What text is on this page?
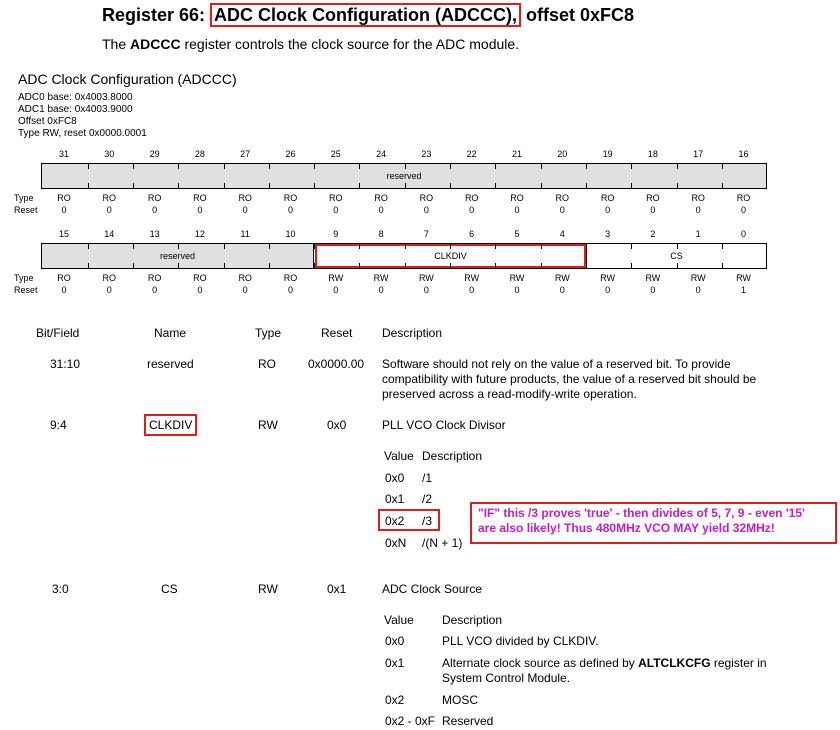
Register 66: ADC Clock Configuration (ADCCC), offset 0xFC8
The ADCCC register controls the clock source for the ADC module.
ADC Clock Configuration (ADCCC)
ADC0 base: 0x4003.8000
ADC1 base: 0x4003.9000
Offset 0xFC8
Type RW, reset 0x0000.0001
31	30	29	28	27	26	25	24	23	22	21	20	19	18	17	16
reserved
Type
Reset
RO	RO	RO	RO	RO	RO	RO	RO	RO	RO	RO	RO	RO	RO	RO	RO
0	0	0	0	0	0	0	0	0	0	0	0	0	0	0	0
15	14	13	12	11	10	9	8	7	6	5	4	3	2	1	0
reserved	CLKDIV	CS
Type
Reset
RO	RO	RO	RO	RO	RO	RW	RW	RW	RW	RW	RW	RW	RW	RW	RW
0	0	0	0	0	0	0	0	0	0	0	0	0	0	0	1
Bit/Field	Name	Type	Reset Description
31:10	reserved	RO	0x0000.00 Software should not rely on the value of a reserved bit. To provide compatibility with future products, the value of a reserved bit should be preserved across a read-modify-write operation.
9:4	CLKDIV	RW	0x0	PLL VCO Clock Divisor
Value Description
0x0 /1
0x1 /2
0x2 /3
0xN /(N + 1)
"IF" this /3 proves 'true' - then divides of 5, 7, 9 - even '15'
are also likely! Thus 480MHz VCO MAY yield 32MHz!
3:0	CS	RW	0x1	ADC Clock Source
Value Description
0x0	PLL VCO divided by CLKDIV.
0x1	Alternate clock source as defined by ALTCLKCFG register in System Control Module.
0x2	MOSC
0x2 - 0xF Reserved
